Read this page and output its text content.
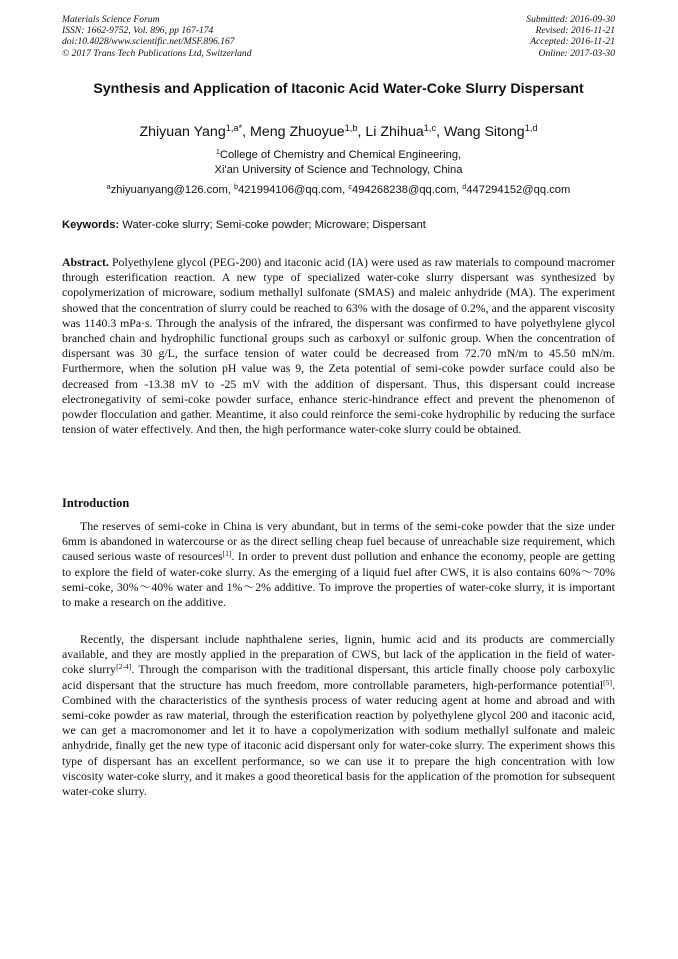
Materials Science Forum
ISSN: 1662-9752, Vol. 896, pp 167-174
doi:10.4028/www.scientific.net/MSF.896.167
© 2017 Trans Tech Publications Ltd, Switzerland
Submitted: 2016-09-30
Revised: 2016-11-21
Accepted: 2016-11-21
Online: 2017-03-30
Synthesis and Application of Itaconic Acid Water-Coke Slurry Dispersant
Zhiyuan Yang$^{1,a*}$, Meng Zhuoyue$^{1,b}$, Li Zhihua$^{1,c}$, Wang Sitong$^{1,d}$
$^1$College of Chemistry and Chemical Engineering,
Xi'an University of Science and Technology, China
$^a$zhiyuanyang@126.com, $^b$421994106@qq.com, $^c$494268238@qq.com, $^d$447294152@qq.com
Keywords: Water-coke slurry; Semi-coke powder; Microware; Dispersant
Abstract. Polyethylene glycol (PEG-200) and itaconic acid (IA) were used as raw materials to compound macromer through esterification reaction. A new type of specialized water-coke slurry dispersant was synthesized by copolymerization of microware, sodium methallyl sulfonate (SMAS) and maleic anhydride (MA). The experiment showed that the concentration of slurry could be reached to 63% with the dosage of 0.2%, and the apparent viscosity was 1140.3 mPa·s. Through the analysis of the infrared, the dispersant was confirmed to have polyethylene glycol branched chain and hydrophilic functional groups such as carboxyl or sulfonic group. When the concentration of dispersant was 30 g/L, the surface tension of water could be decreased from 72.70 mN/m to 45.50 mN/m. Furthermore, when the solution pH value was 9, the Zeta potential of semi-coke powder surface could also be decreased from -13.38 mV to -25 mV with the addition of dispersant. Thus, this dispersant could increase electronegativity of semi-coke powder surface, enhance steric-hindrance effect and prevent the phenomenon of powder flocculation and gather. Meantime, it also could reinforce the semi-coke hydrophilic by reducing the surface tension of water effectively. And then, the high performance water-coke slurry could be obtained.
Introduction
The reserves of semi-coke in China is very abundant, but in terms of the semi-coke powder that the size under 6mm is abandoned in watercourse or as the direct selling cheap fuel because of unreachable size requirement, which caused serious waste of resources[1]. In order to prevent dust pollution and enhance the economy, people are getting to explore the field of water-coke slurry. As the emerging of a liquid fuel after CWS, it is also contains 60%～70% semi-coke, 30%～40% water and 1%～2% additive. To improve the properties of water-coke slurry, it is important to make a research on the additive.
Recently, the dispersant include naphthalene series, lignin, humic acid and its products are commercially available, and they are mostly applied in the preparation of CWS, but lack of the application in the field of water-coke slurry[2-4]. Through the comparison with the traditional dispersant, this article finally choose poly carboxylic acid dispersant that the structure has much freedom, more controllable parameters, high-performance potential[5]. Combined with the characteristics of the synthesis process of water reducing agent at home and abroad and with semi-coke powder as raw material, through the esterification reaction by polyethylene glycol 200 and itaconic acid, we can get a macromonomer and let it to have a copolymerization with sodium methallyl sulfonate and maleic anhydride, finally get the new type of itaconic acid dispersant only for water-coke slurry. The experiment shows this type of dispersant has an excellent performance, so we can use it to prepare the high concentration with low viscosity water-coke slurry, and it makes a good theoretical basis for the application of the promotion for subsequent water-coke slurry.
